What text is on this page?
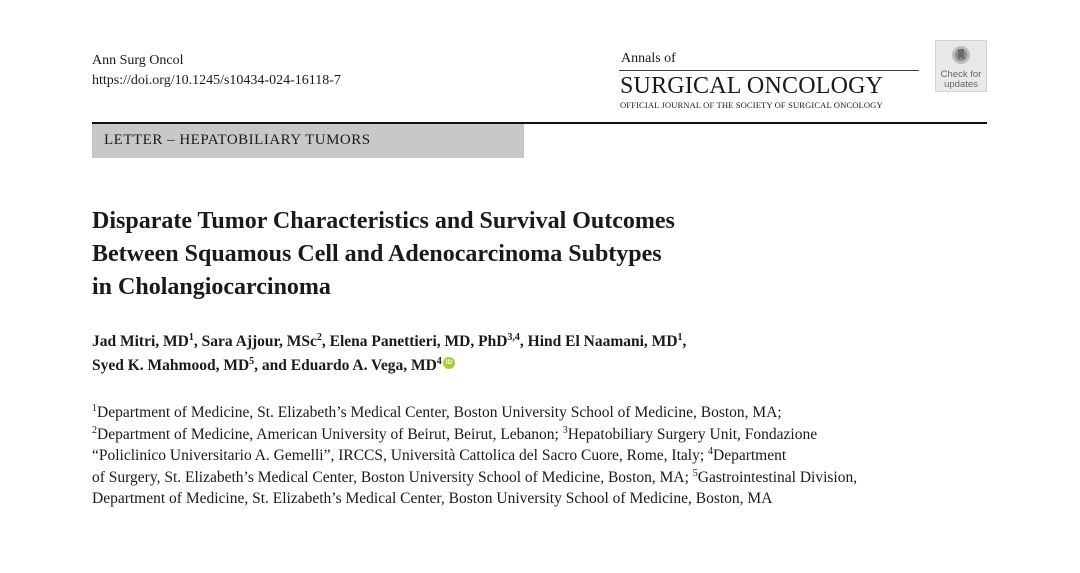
Ann Surg Oncol
https://doi.org/10.1245/s10434-024-16118-7
Annals of
SURGICAL ONCOLOGY
OFFICIAL JOURNAL OF THE SOCIETY OF SURGICAL ONCOLOGY
Check for
updates
LETTER – HEPATOBILIARY TUMORS
Disparate Tumor Characteristics and Survival Outcomes
Between Squamous Cell and Adenocarcinoma Subtypes
in Cholangiocarcinoma
Jad Mitri, $MD^1$, Sara Ajjour, MSc$^2$, Elena Panettieri, MD, PhD$^{3,4}$, Hind El Naamani, $MD^1$,
Syed K. Mahmood, $MD^5$, and Eduardo A. Vega, $MD^4iD$
$^1$Department of Medicine, St. Elizabeth’s Medical Center, Boston University School of Medicine, Boston, MA;
$^2$Department of Medicine, American University of Beirut, Beirut, Lebanon; $^3$Hepatobiliary Surgery Unit, Fondazione
“Policlinico Universitario A. Gemelli”, IRCCS, Università Cattolica del Sacro Cuore, Rome, Italy; $^4$Department
of Surgery, St. Elizabeth’s Medical Center, Boston University School of Medicine, Boston, MA; $^5$Gastrointestinal Division,
Department of Medicine, St. Elizabeth’s Medical Center, Boston University School of Medicine, Boston, MA
